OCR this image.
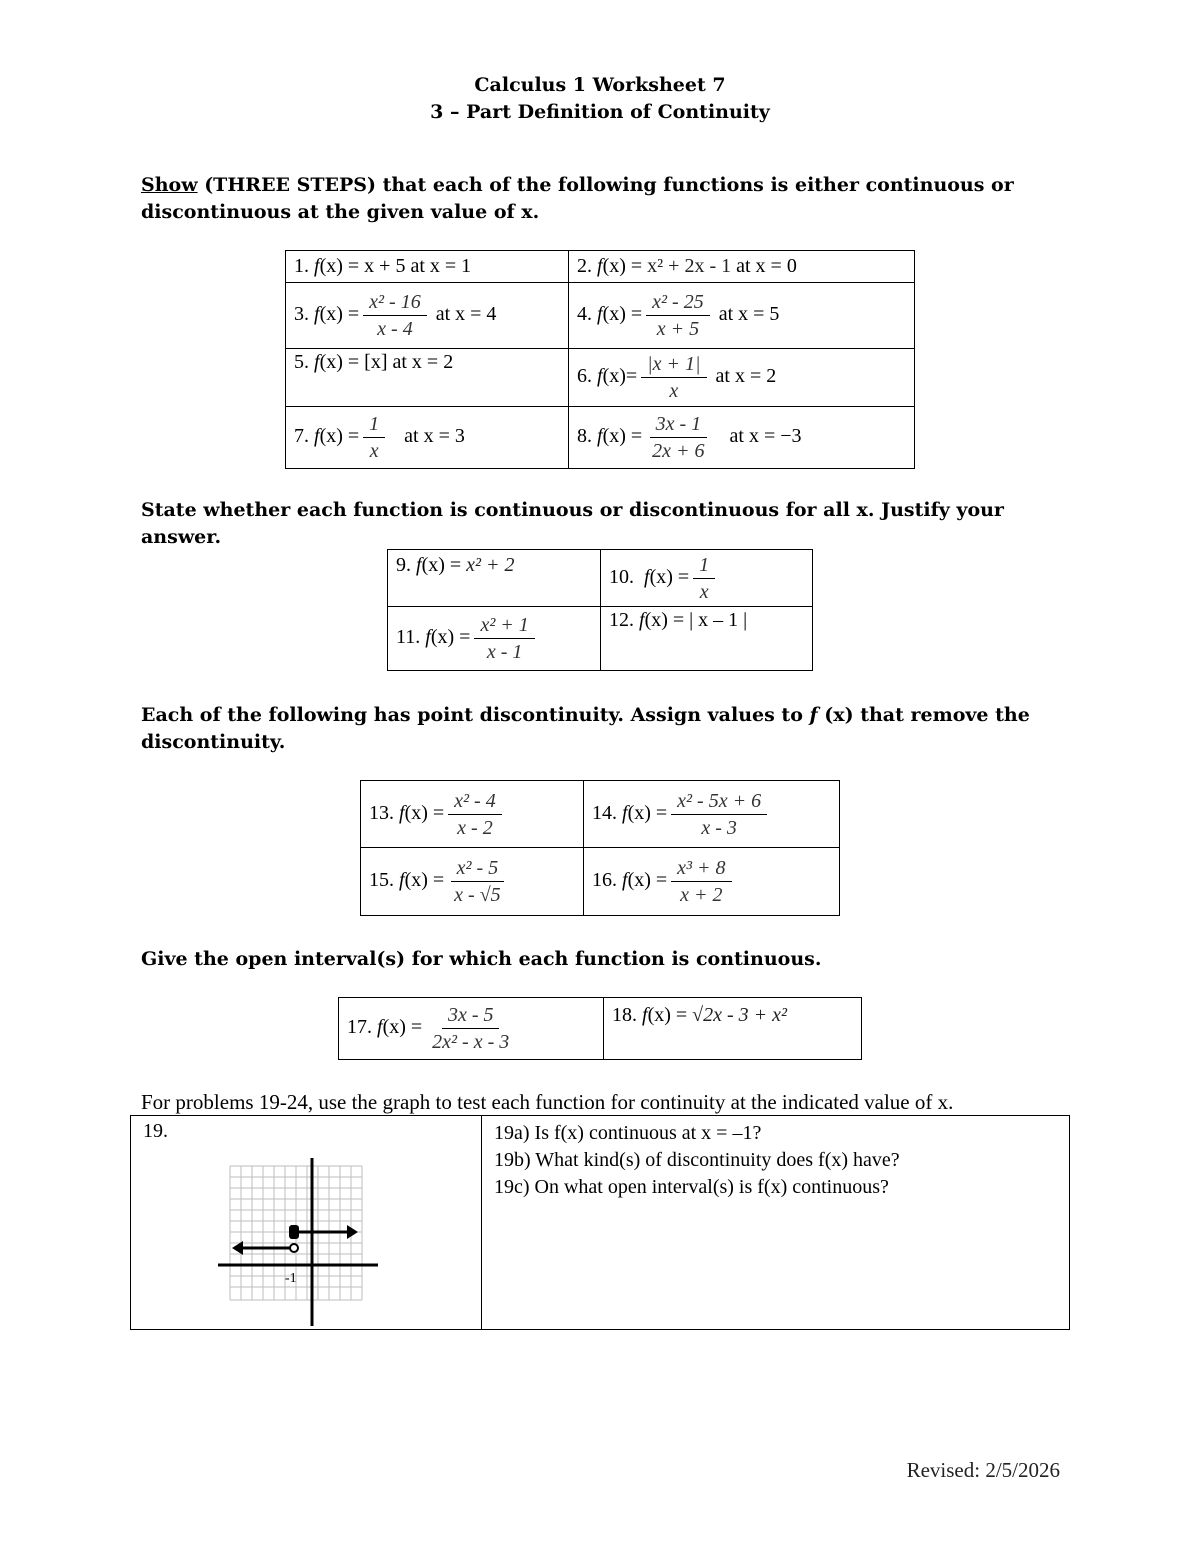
Calculus 1 Worksheet 7
3 – Part Definition of Continuity
Show (THREE STEPS) that each of the following functions is either continuous or discontinuous at the given value of x.
1. f(x) = x + 5 at x = 1	2. f(x) = x² + 2x - 1 at x = 0
3. $f(x) = \frac{\text{x² - 16}}{x - 4}$ at x = 4	4. $f(x) = \frac{\text{x² - 25}}{x + 5}$ at x = 5
5. f(x) = [x] at x = 2	6. $f(x)= \frac{|x + 1|}{x}$ at x = 2
7. $f(x) = \frac{1}{x}$ at x = 3	8. $f(x) = \frac{3x - 1}{2x + 6}$ at x = −3
State whether each function is continuous or discontinuous for all x. Justify your answer.
9. f(x) = x² + 2	10. $f(x) = \frac{1}{x}$

11. $f(x) = \frac{\text{x² + 1}}{x - 1}$	12. f(x) = | x – 1 |
Each of the following has point discontinuity. Assign values to f (x) that remove the discontinuity.
13. $f(x) = \frac{\text{x² - 4}}{x - 2}$	14. $f(x) = \frac{\text{x² - 5x + 6}}{x - 3}$

15. $f(x) = \frac{\text{x² - 5}}{x - √5}$	16. $f(x) = \frac{\text{x³ + 8}}{x + 2}$
Give the open interval(s) for which each function is continuous.
17. $f(x) = \frac{3x - 5}{\text{2x² - x - 3}}$	18. f(x) = √2x - 3 + x²
For problems 19-24, use the graph to test each function for continuity at the indicated value of x.
19.
-1

19a) Is f(x) continuous at x = –1?
19b) What kind(s) of discontinuity does f(x) have?
19c) On what open interval(s) is f(x) continuous?
Revised: 2/5/2026
